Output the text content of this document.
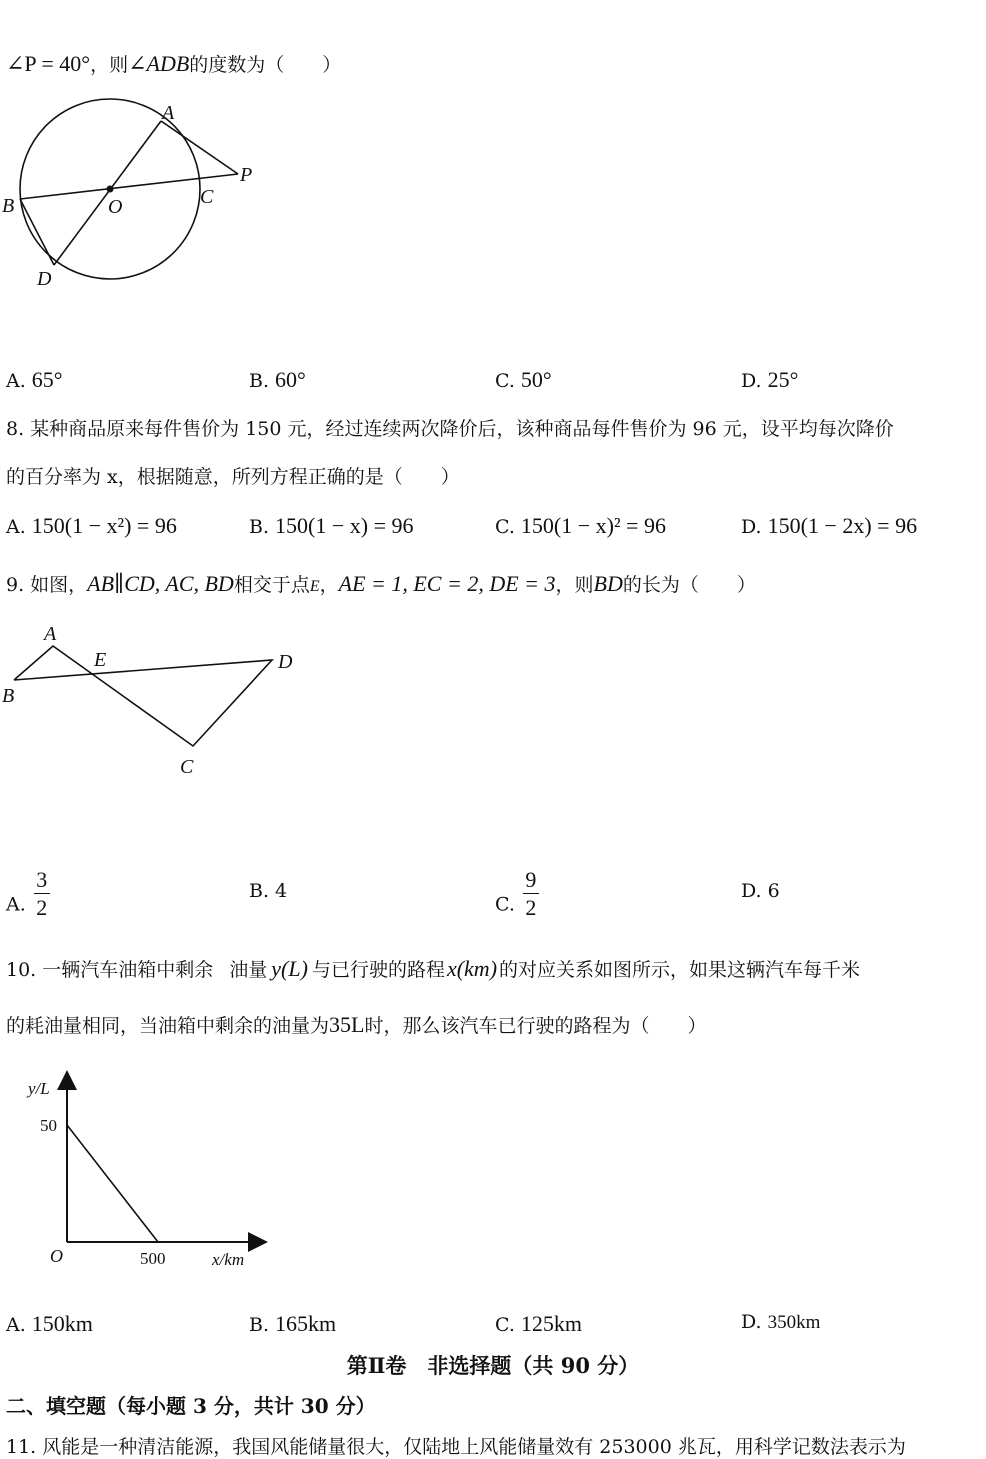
∠P = 40°，则∠ADB的度数为（　　）
A
B	C
D
O
P
A. 65°	B. 60°	C. 50°	D. 25°
8. 某种商品原来每件售价为 150 元，经过连续两次降价后，该种商品每件售价为 96 元，设平均每次降价
的百分率为 x，根据随意，所列方程正确的是（　　）
A. 150(1 − x²) = 96	B. 150(1 − x) = 96	C. 150(1 − x)² = 96	D. 150(1 − 2x) = 96
9. 如图，AB∥CD, AC, BD相交于点E，AE = 1, EC = 2, DE = 3，则BD的长为（　　）
A
B
C
D
E
A. $\frac{3}{2}$	B. 4
C. $\frac{9}{2}$	D. 6
10. 一辆汽车油箱中剩余 油量 y(L) 与已行驶的路程x(km) 的对应关系如图所示，如果这辆汽车每千米
的耗油量相同，当油箱中剩余的油量为35L时，那么该汽车已行驶的路程为（　　）
y/L
50
O	500	x/km
A. 150km	B. 165km	C. 125km	D. 350km
第Ⅱ卷　非选择题（共 90 分）
二、填空题（每小题 3 分，共计 30 分）
11. 风能是一种清洁能源，我国风能储量很大，仅陆地上风能储量效有 253000 兆瓦，用科学记数法表示为
